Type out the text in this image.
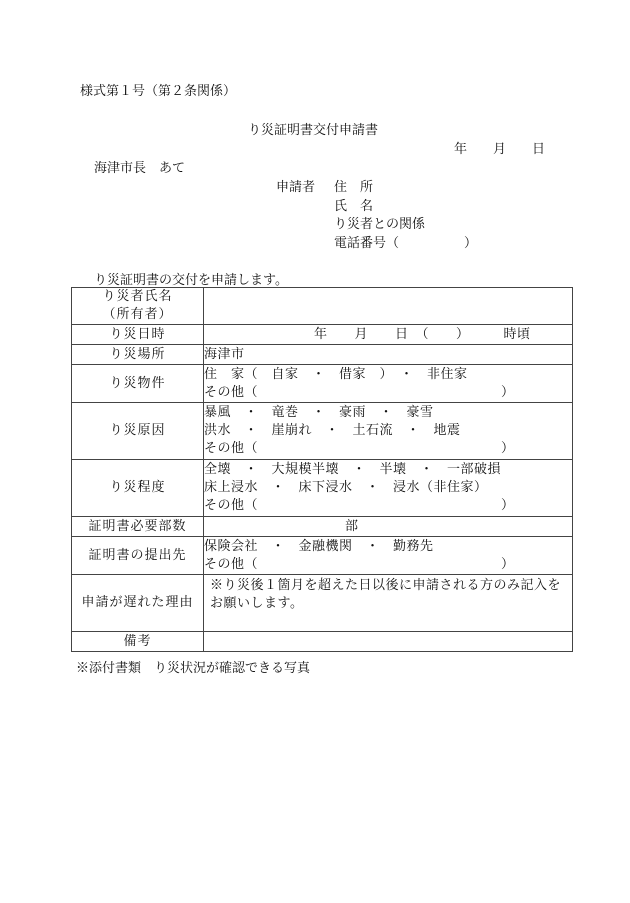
様式第１号（第２条関係）
り災証明書交付申請書
年　　月　　日
海津市長　あて
申請者 住　所
氏　名
り災者との関係
電話番号（　　　　　）
り災証明書の交付を申請します。
り災者氏名
（所有者）	

り災日時	年　　月　　日　（　　）　　　時頃
り災場所	海津市
り災物件	住　家（　自家　・　借家　）　・　非住家
その他（　　　　　　　　　　　　　　　　　　）

り災原因	暴風　・　竜巻　・　豪雨　・　豪雪
洪水　・　崖崩れ　・　土石流　・　地震
その他（　　　　　　　　　　　　　　　　　　）

り災程度	全壊　・　大規模半壊　・　半壊　・　一部破損
床上浸水　・　床下浸水　・　浸水（非住家）
その他（　　　　　　　　　　　　　　　　　　）

証明書必要部数	部
証明書の提出先	保険会社　・　金融機関　・　勤務先
その他（　　　　　　　　　　　　　　　　　　）

申請が遅れた理由	※り災後１箇月を超えた日以後に申請される方のみ記入をお願いします。
備考	
※添付書類　り災状況が確認できる写真
